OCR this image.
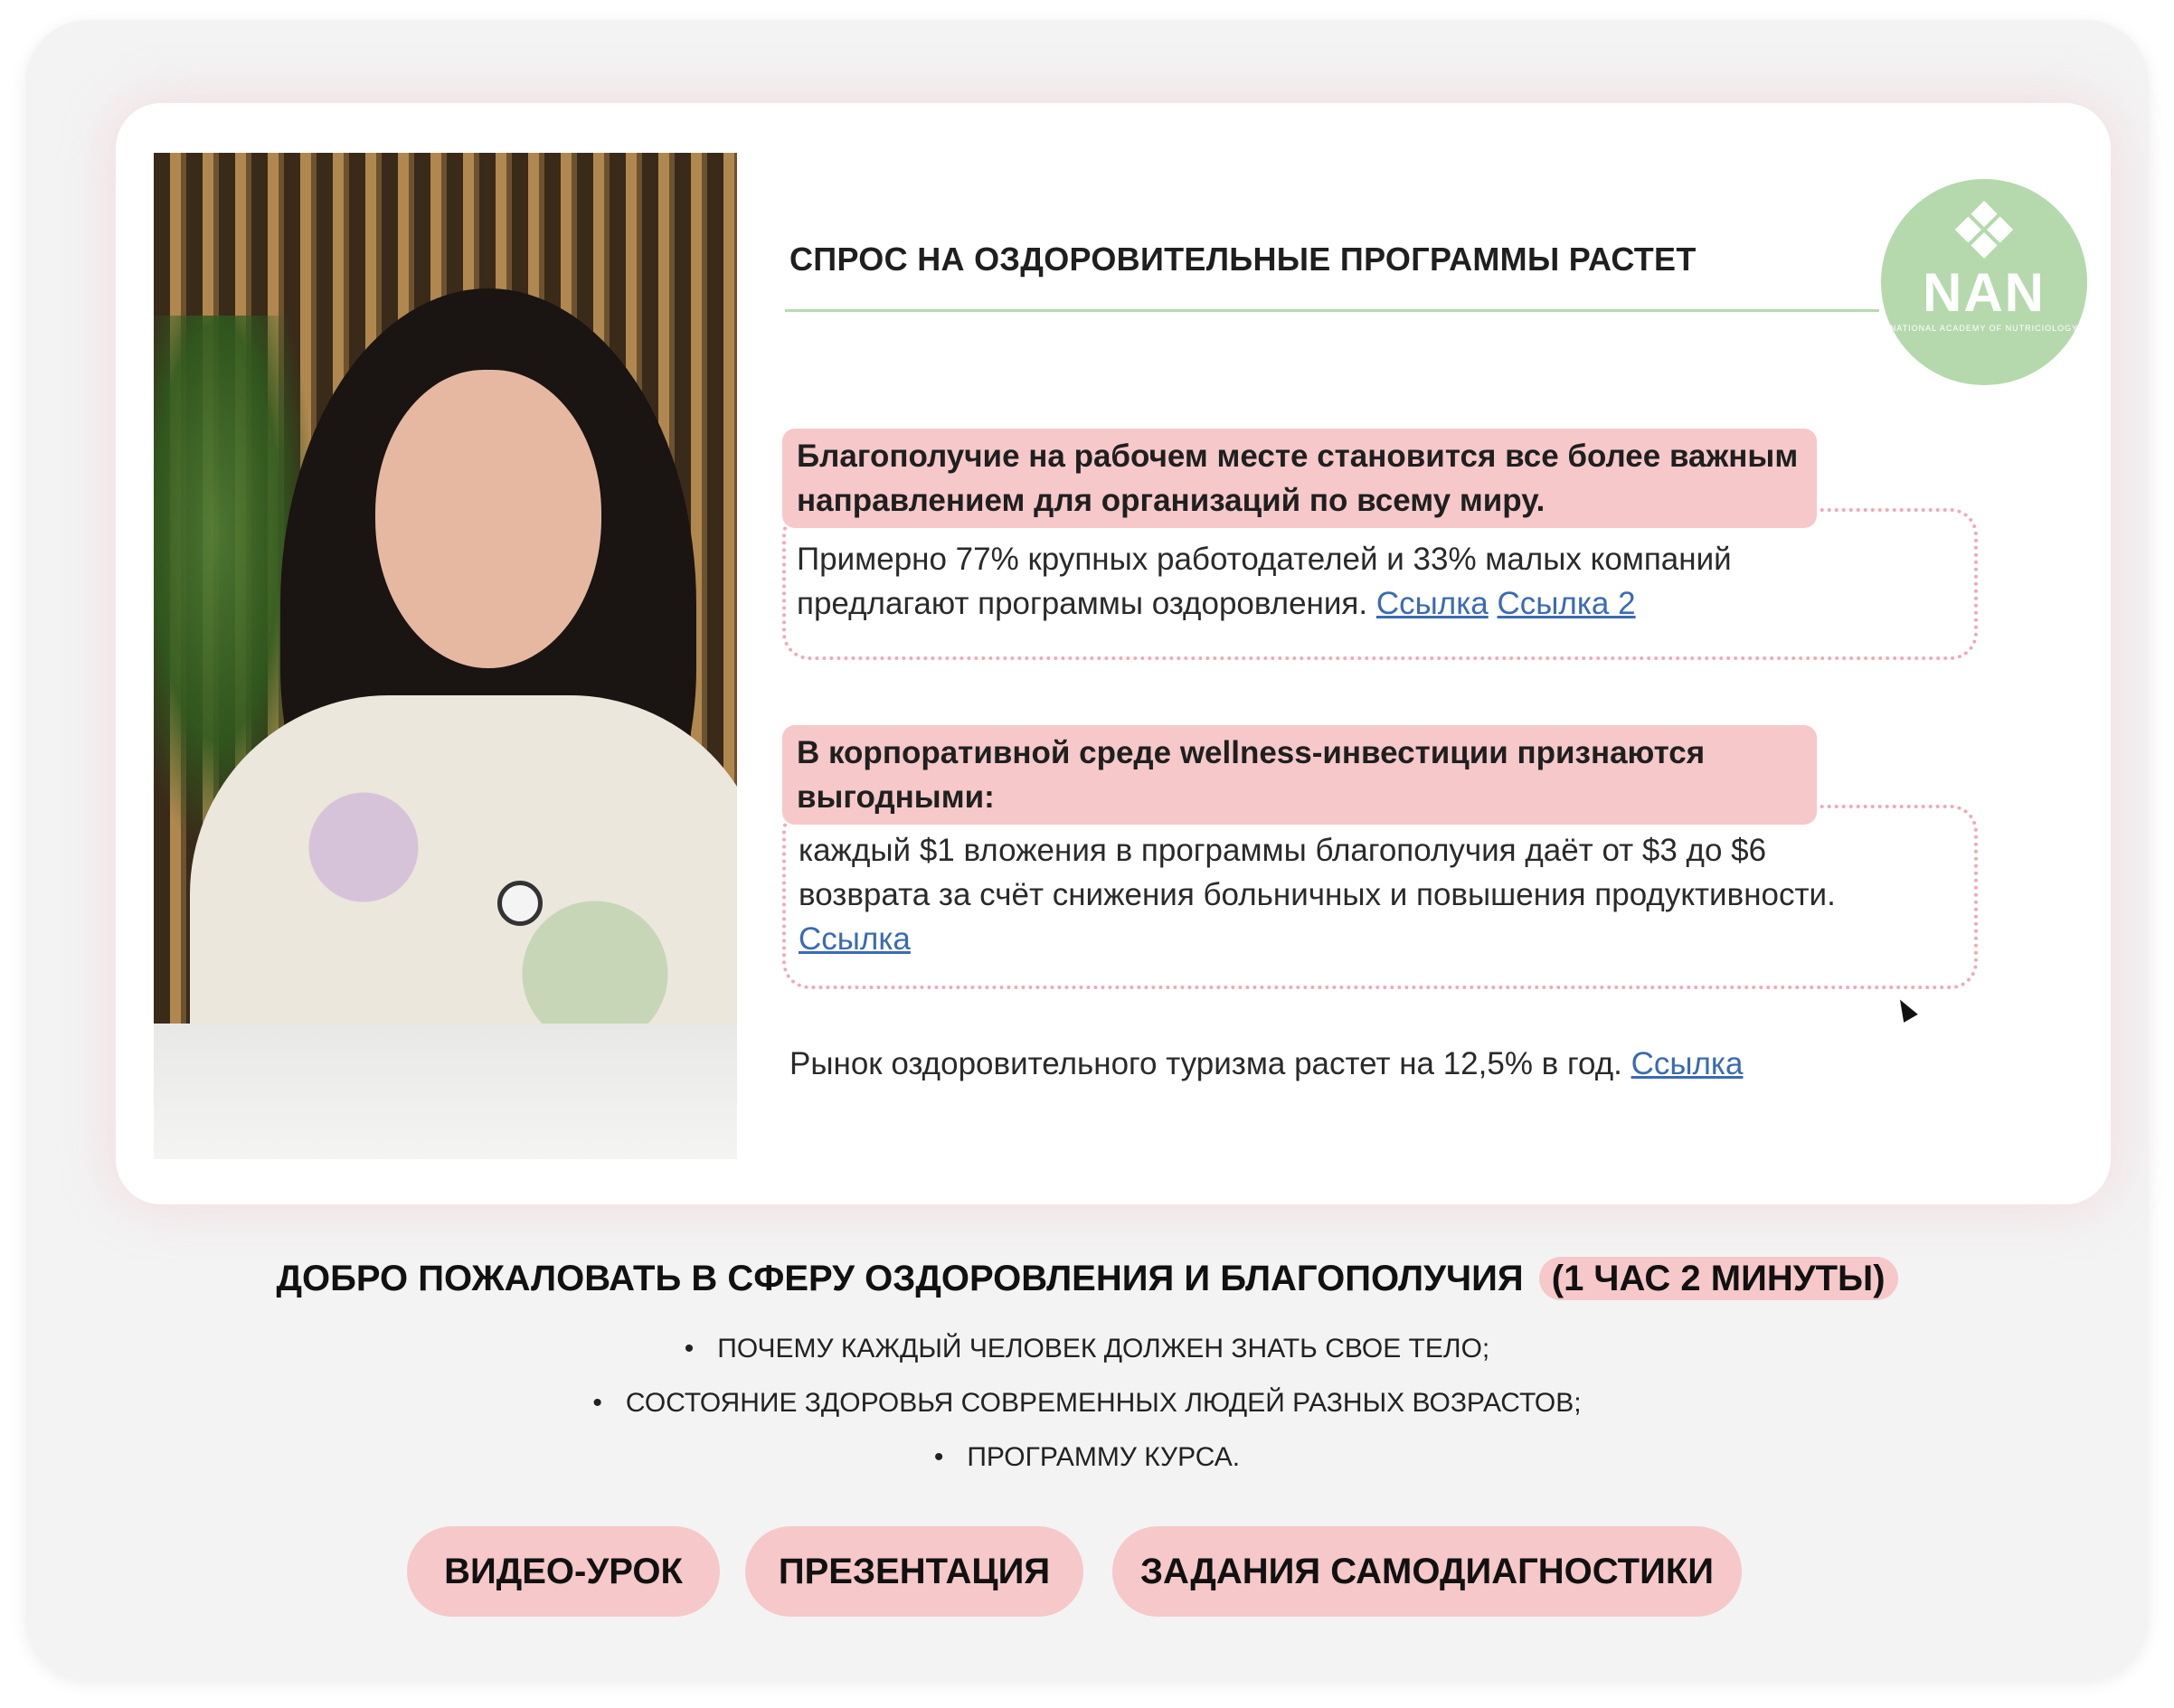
СПРОС НА ОЗДОРОВИТЕЛЬНЫЕ ПРОГРАММЫ РАСТЕТ	❖
NAN
NATIONAL ACADEMY OF NUTRICIOLOGY
Благополучие на рабочем месте становится все более важным направлением для организаций по всему миру.
Примерно 77% крупных работодателей и 33% малых компаний предлагают программы оздоровления. Ссылка Ссылка 2
В корпоративной среде wellness-инвестиции признаются выгодными:
каждый $1 вложения в программы благополучия даёт от $3 до $6 возврата за счёт снижения больничных и повышения продуктивности. Ссылка
Рынок оздоровительного туризма растет на 12,5% в год. Ссылка
ДОБРО ПОЖАЛОВАТЬ В СФЕРУ ОЗДОРОВЛЕНИЯ И БЛАГОПОЛУЧИЯ (1 ЧАС 2 МИНУТЫ)
• ПОЧЕМУ КАЖДЫЙ ЧЕЛОВЕК ДОЛЖЕН ЗНАТЬ СВОЕ ТЕЛО;
• СОСТОЯНИЕ ЗДОРОВЬЯ СОВРЕМЕННЫХ ЛЮДЕЙ РАЗНЫХ ВОЗРАСТОВ;
• ПРОГРАММУ КУРСА.
ВИДЕО-УРОК	ПРЕЗЕНТАЦИЯ	ЗАДАНИЯ САМОДИАГНОСТИКИ
